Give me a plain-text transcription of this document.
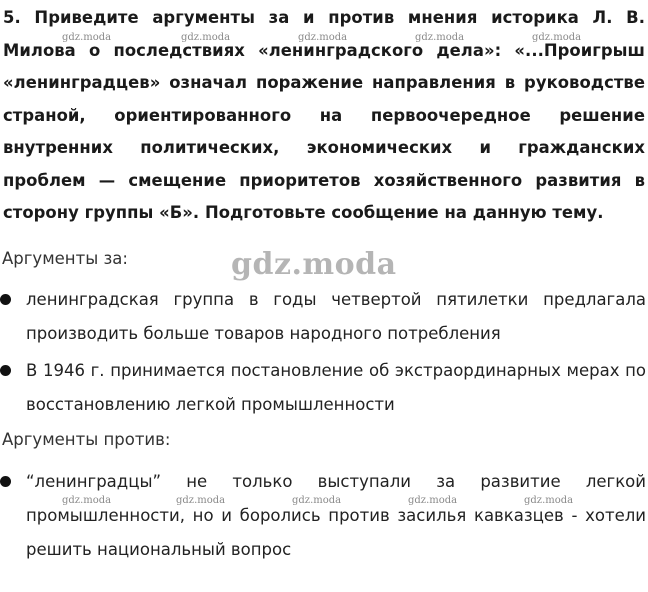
5. Приведите аргументы за и против мнения историка Л. В. Милова о последствиях «ленинградского дела»: «...Проигрыш «ленинградцев» означал поражение направления в руководстве страной, ориентированного на первоочередное решение внутренних политических, экономических и гражданских проблем — смещение приоритетов хозяйственного развития в сторону группы «Б». Подготовьте сообщение на данную тему.
Аргументы за:
ленинградская группа в годы четвертой пятилетки предлагала производить больше товаров народного потребления
В 1946 г. принимается постановление об экстраординарных мерах по восстановлению легкой промышленности
Аргументы против:
“ленинградцы” не только выступали за развитие легкой промышленности, но и боролись против засилья кавказцев - хотели решить национальный вопрос
gdz.moda
gdz.moda	gdz.moda	gdz.moda	gdz.moda	gdz.moda
gdz.moda	gdz.moda	gdz.moda	gdz.moda	gdz.moda
